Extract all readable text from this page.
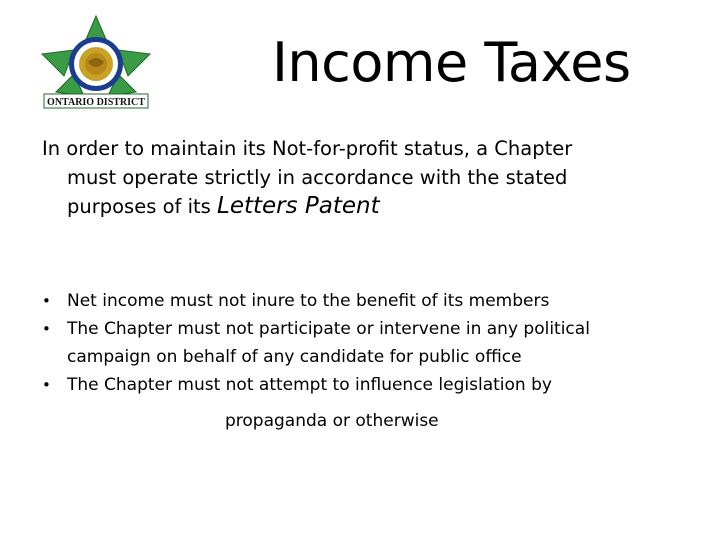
ONTARIO DISTRICT
Income Taxes
In order to maintain its Not-for-profit status, a Chapter
must operate strictly in accordance with the stated
purposes of its Letters Patent
• Net income must not inure to the benefit of its members
• The Chapter must not participate or intervene in any political
campaign on behalf of any candidate for public office
• The Chapter must not attempt to influence legislation by
propaganda or otherwise
